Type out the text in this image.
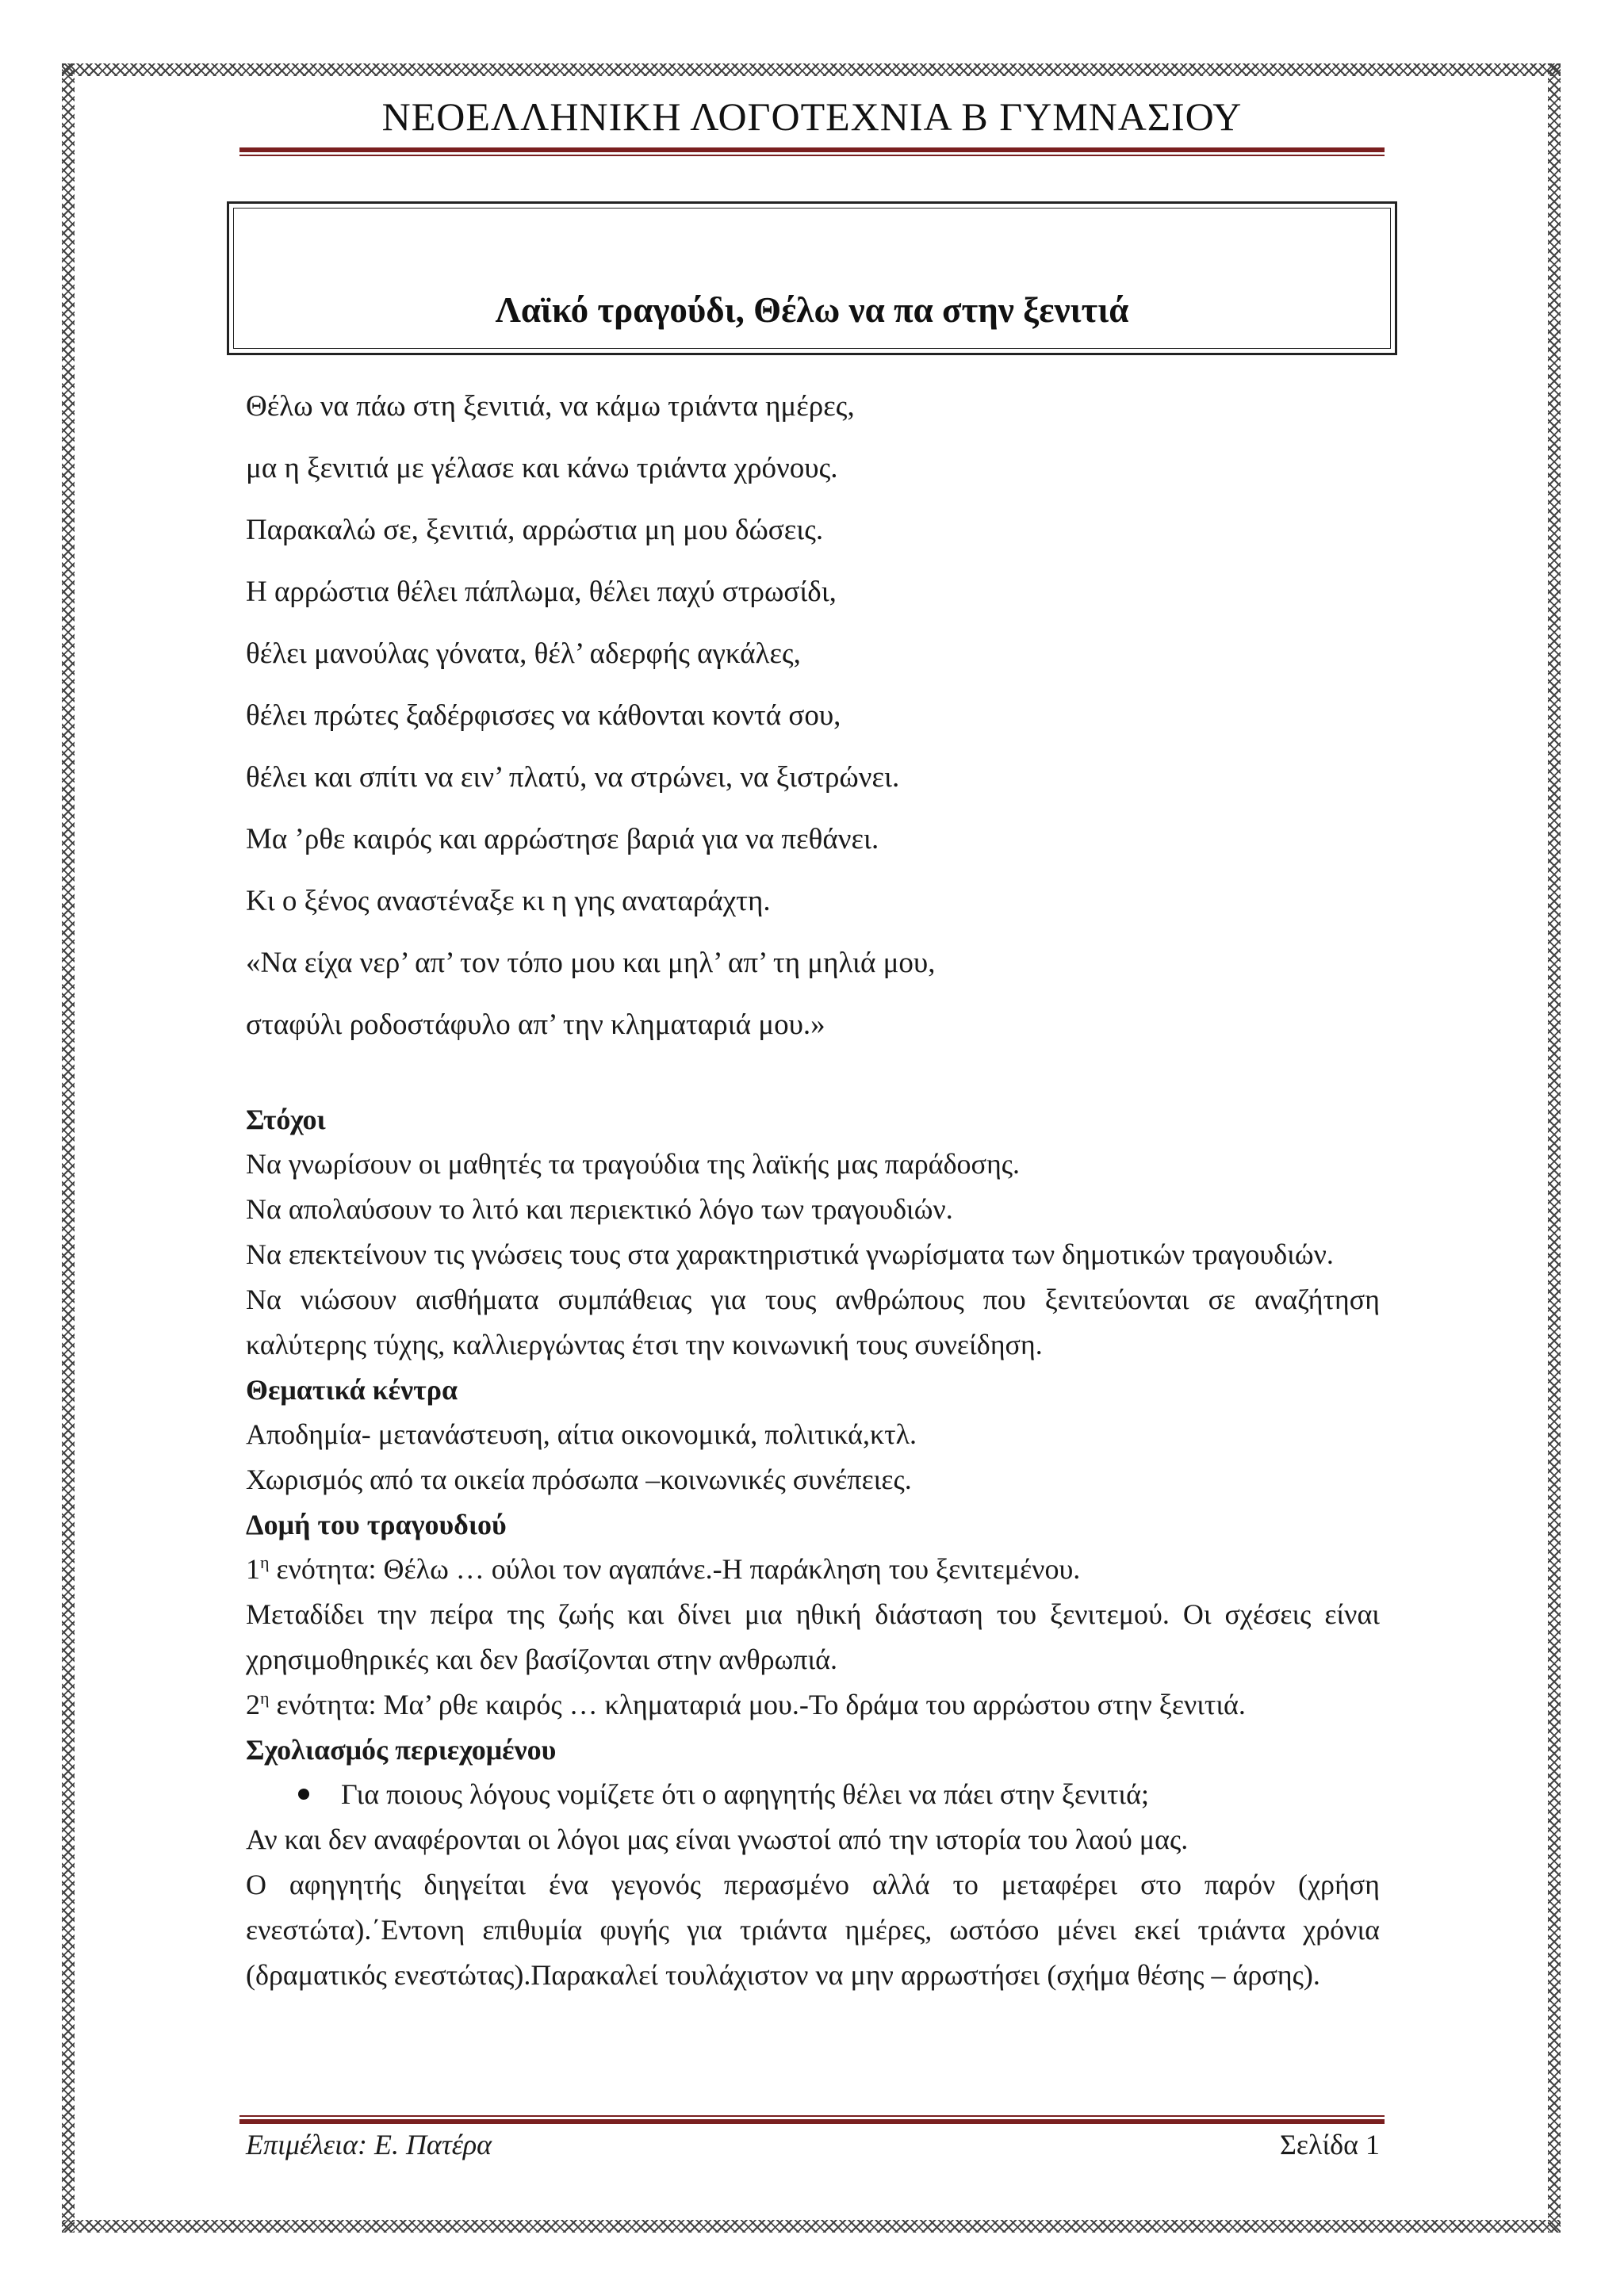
ΝΕΟΕΛΛΗΝΙΚΗ ΛΟΓΟΤΕΧΝΙΑ Β ΓΥΜΝΑΣΙΟΥ
Λαϊκό τραγούδι, Θέλω να πα στην ξενιτιά
Θέλω να πάω στη ξενιτιά, να κάμω τριάντα ημέρες,
μα η ξενιτιά με γέλασε και κάνω τριάντα χρόνους.
Παρακαλώ σε, ξενιτιά, αρρώστια μη μου δώσεις.
Η αρρώστια θέλει πάπλωμα, θέλει παχύ στρωσίδι,
θέλει μανούλας γόνατα, θέλ’ αδερφής αγκάλες,
θέλει πρώτες ξαδέρφισσες να κάθονται κοντά σου,
θέλει και σπίτι να ειν’ πλατύ, να στρώνει, να ξιστρώνει.
Μα ’ρθε καιρός και αρρώστησε βαριά για να πεθάνει.
Κι ο ξένος αναστέναξε κι η γης αναταράχτη.
«Να είχα νερ’ απ’ τον τόπο μου και μηλ’ απ’ τη μηλιά μου,
σταφύλι ροδοστάφυλο απ’ την κληματαριά μου.»
Στόχοι

Να γνωρίσουν οι μαθητές τα τραγούδια της λαϊκής μας παράδοσης.

Να απολαύσουν το λιτό και περιεκτικό λόγο των τραγουδιών.

Να επεκτείνουν τις γνώσεις τους στα χαρακτηριστικά γνωρίσματα των δημοτικών τραγουδιών.

Να νιώσουν αισθήματα συμπάθειας για τους ανθρώπους που ξενιτεύονται σε αναζήτηση καλύτερης τύχης, καλλιεργώντας έτσι την κοινωνική τους συνείδηση.

Θεματικά κέντρα

Αποδημία- μετανάστευση, αίτια οικονομικά, πολιτικά,κτλ.

Χωρισμός από τα οικεία πρόσωπα –κοινωνικές συνέπειες.

Δομή του τραγουδιού

$1^\eta$ ενότητα: Θέλω … ούλοι τον αγαπάνε.-Η παράκληση του ξενιτεμένου.

Μεταδίδει την πείρα της ζωής και δίνει μια ηθική διάσταση του ξενιτεμού. Οι σχέσεις είναι χρησιμοθηρικές και δεν βασίζονται στην ανθρωπιά.

$2^\eta$ ενότητα: Μα’ ρθε καιρός … κληματαριά μου.-Το δράμα του αρρώστου στην ξενιτιά.

Σχολιασμός περιεχομένου
Για ποιους λόγους νομίζετε ότι ο αφηγητής θέλει να πάει στην ξενιτιά;

Αν και δεν αναφέρονται οι λόγοι μας είναι γνωστοί από την ιστορία του λαού μας.

Ο αφηγητής διηγείται ένα γεγονός περασμένο αλλά το μεταφέρει στο παρόν (χρήση ενεστώτα).΄Εντονη επιθυμία φυγής για τριάντα ημέρες, ωστόσο μένει εκεί τριάντα χρόνια (δραματικός ενεστώτας).Παρακαλεί τουλάχιστον να μην αρρωστήσει (σχήμα θέσης – άρσης).

Επιμέλεια: Ε. Πατέρα	Σελίδα 1
